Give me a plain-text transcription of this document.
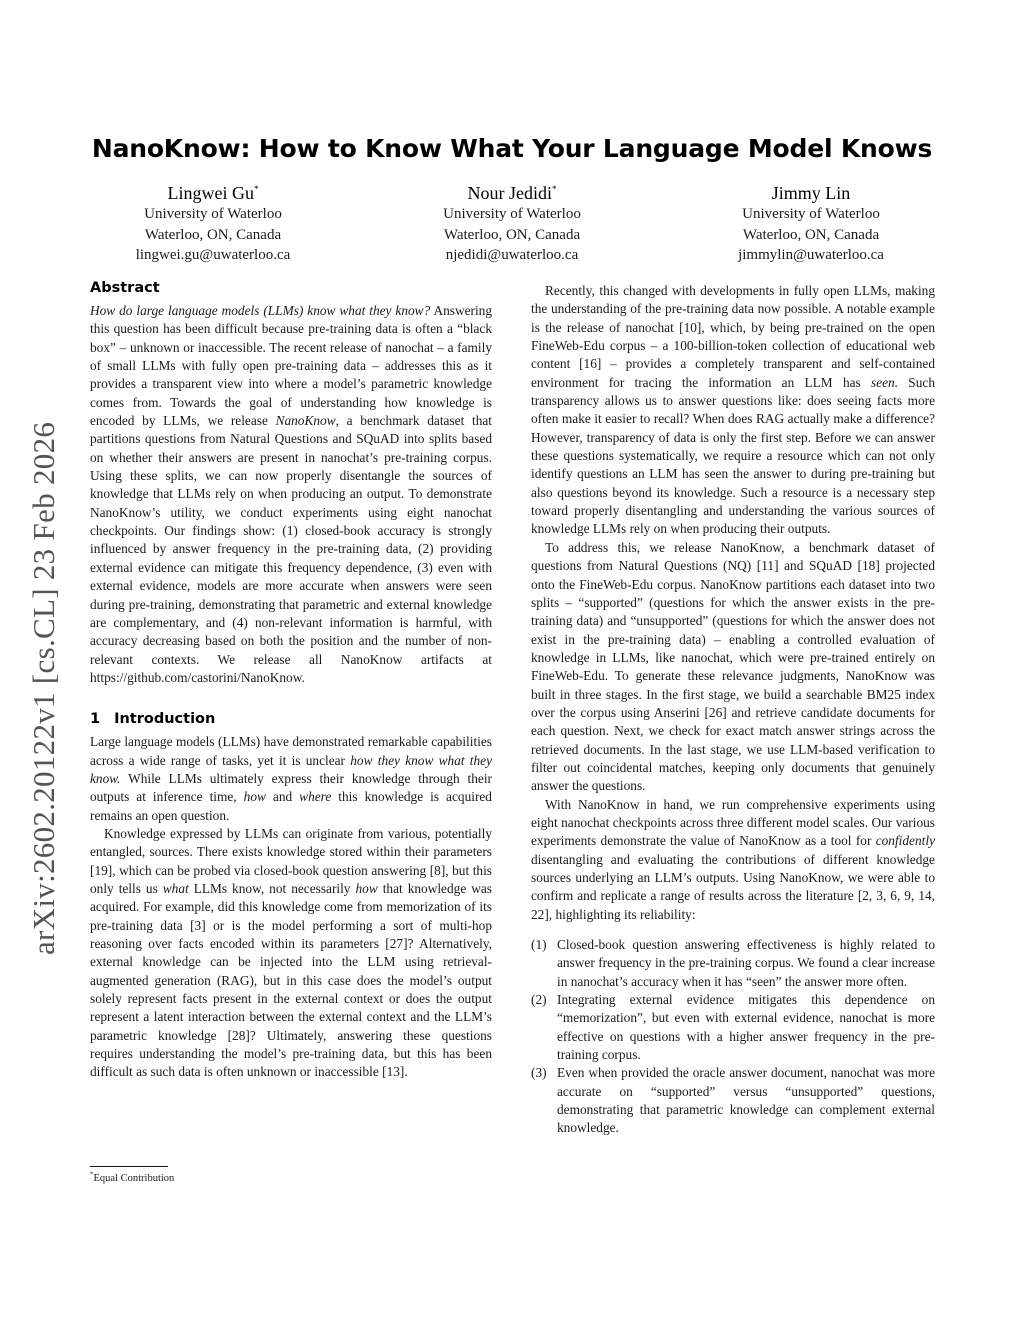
arXiv:2602.20122v1 [cs.CL] 23 Feb 2026
NanoKnow: How to Know What Your Language Model Knows
Lingwei Gu*
University of Waterloo
Waterloo, ON, Canada
lingwei.gu@uwaterloo.ca
Nour Jedidi*
University of Waterloo
Waterloo, ON, Canada
njedidi@uwaterloo.ca
Jimmy Lin
University of Waterloo
Waterloo, ON, Canada
jimmylin@uwaterloo.ca
Abstract

How do large language models (LLMs) know what they know? Answering this question has been difficult because pre-training data is often a “black box” – unknown or inaccessible. The recent release of nanochat – a family of small LLMs with fully open pre-training data – addresses this as it provides a transparent view into where a model’s parametric knowledge comes from. Towards the goal of understanding how knowledge is encoded by LLMs, we release NanoKnow, a benchmark dataset that partitions questions from Natural Questions and SQuAD into splits based on whether their answers are present in nanochat’s pre-training corpus. Using these splits, we can now properly disentangle the sources of knowledge that LLMs rely on when producing an output. To demonstrate NanoKnow’s utility, we conduct experiments using eight nanochat checkpoints. Our findings show: (1) closed-book accuracy is strongly influenced by answer frequency in the pre-training data, (2) providing external evidence can mitigate this frequency dependence, (3) even with external evidence, models are more accurate when answers were seen during pre-training, demonstrating that parametric and external knowledge are complementary, and (4) non-relevant information is harmful, with accuracy decreasing based on both the position and the number of non-relevant contexts. We release all NanoKnow artifacts at https://github.com/castorini/NanoKnow.

1 Introduction

Large language models (LLMs) have demonstrated remarkable capabilities across a wide range of tasks, yet it is unclear how they know what they know. While LLMs ultimately express their knowledge through their outputs at inference time, how and where this knowledge is acquired remains an open question.

Knowledge expressed by LLMs can originate from various, potentially entangled, sources. There exists knowledge stored within their parameters [19], which can be probed via closed-book question answering [8], but this only tells us what LLMs know, not necessarily how that knowledge was acquired. For example, did this knowledge come from memorization of its pre-training data [3] or is the model performing a sort of multi-hop reasoning over facts encoded within its parameters [27]? Alternatively, external knowledge can be injected into the LLM using retrieval-augmented generation (RAG), but in this case does the model’s output solely represent facts present in the external context or does the output represent a latent interaction between the external context and the LLM’s parametric knowledge [28]? Ultimately, answering these questions requires understanding the model’s pre-training data, but this has been difficult as such data is often unknown or inaccessible [13].

Recently, this changed with developments in fully open LLMs, making the understanding of the pre-training data now possible. A notable example is the release of nanochat [10], which, by being pre-trained on the open FineWeb-Edu corpus – a 100-billion-token collection of educational web content [16] – provides a completely transparent and self-contained environment for tracing the information an LLM has seen. Such transparency allows us to answer questions like: does seeing facts more often make it easier to recall? When does RAG actually make a difference? However, transparency of data is only the first step. Before we can answer these questions systematically, we require a resource which can not only identify questions an LLM has seen the answer to during pre-training but also questions beyond its knowledge. Such a resource is a necessary step toward properly disentangling and understanding the various sources of knowledge LLMs rely on when producing their outputs.

To address this, we release NanoKnow, a benchmark dataset of questions from Natural Questions (NQ) [11] and SQuAD [18] projected onto the FineWeb-Edu corpus. NanoKnow partitions each dataset into two splits – “supported” (questions for which the answer exists in the pre-training data) and “unsupported” (questions for which the answer does not exist in the pre-training data) – enabling a controlled evaluation of knowledge in LLMs, like nanochat, which were pre-trained entirely on FineWeb-Edu. To generate these relevance judgments, NanoKnow was built in three stages. In the first stage, we build a searchable BM25 index over the corpus using Anserini [26] and retrieve candidate documents for each question. Next, we check for exact match answer strings across the retrieved documents. In the last stage, we use LLM-based verification to filter out coincidental matches, keeping only documents that genuinely answer the questions.

With NanoKnow in hand, we run comprehensive experiments using eight nanochat checkpoints across three different model scales. Our various experiments demonstrate the value of NanoKnow as a tool for confidently disentangling and evaluating the contributions of different knowledge sources underlying an LLM’s outputs. Using NanoKnow, we were able to confirm and replicate a range of results across the literature [2, 3, 6, 9, 14, 22], highlighting its reliability:

(1) Closed-book question answering effectiveness is highly related to answer frequency in the pre-training corpus. We found a clear increase in nanochat’s accuracy when it has “seen” the answer more often.
(2) Integrating external evidence mitigates this dependence on “memorization”, but even with external evidence, nanochat is more effective on questions with a higher answer frequency in the pre-training corpus.
(3) Even when provided the oracle answer document, nanochat was more accurate on “supported” versus “unsupported” questions, demonstrating that parametric knowledge can complement external knowledge.
*Equal Contribution
